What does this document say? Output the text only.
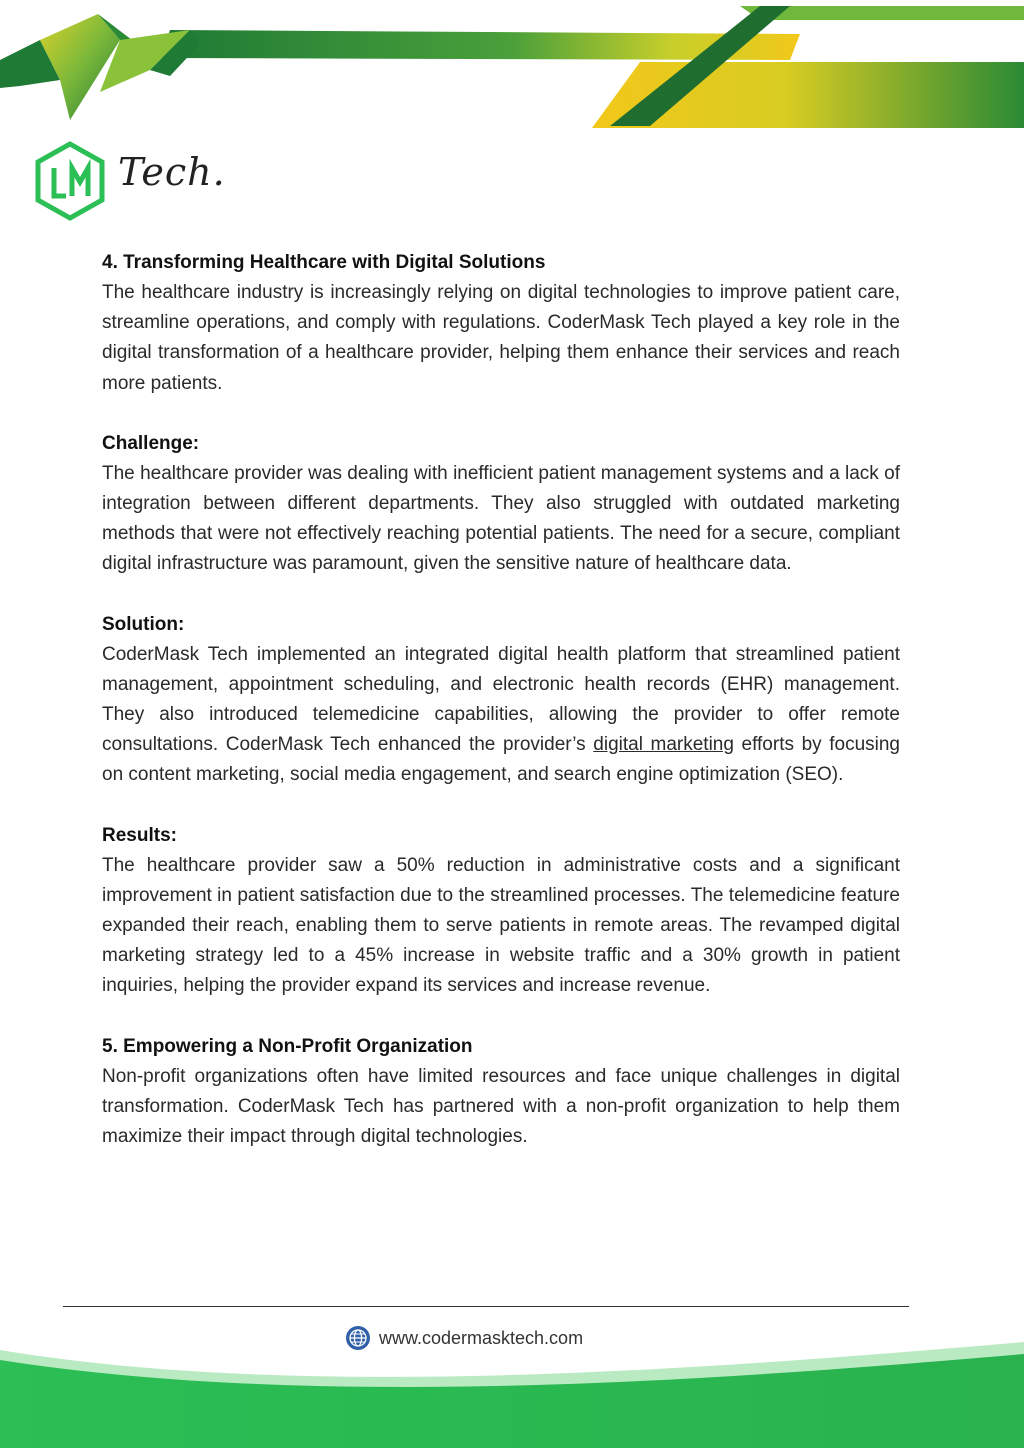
Tech.

4. Transforming Healthcare with Digital Solutions

The healthcare industry is increasingly relying on digital technologies to improve patient care, streamline operations, and comply with regulations. CoderMask Tech played a key role in the digital transformation of a healthcare provider, helping them enhance their services and reach more patients.

Challenge:

The healthcare provider was dealing with inefficient patient management systems and a lack of integration between different departments. They also struggled with outdated marketing methods that were not effectively reaching potential patients. The need for a secure, compliant digital infrastructure was paramount, given the sensitive nature of healthcare data.

Solution:

CoderMask Tech implemented an integrated digital health platform that streamlined patient management, appointment scheduling, and electronic health records (EHR) management. They also introduced telemedicine capabilities, allowing the provider to offer remote consultations. CoderMask Tech enhanced the provider’s digital marketing efforts by focusing on content marketing, social media engagement, and search engine optimization (SEO).

Results:

The healthcare provider saw a 50% reduction in administrative costs and a significant improvement in patient satisfaction due to the streamlined processes. The telemedicine feature expanded their reach, enabling them to serve patients in remote areas. The revamped digital marketing strategy led to a 45% increase in website traffic and a 30% growth in patient inquiries, helping the provider expand its services and increase revenue.

5. Empowering a Non-Profit Organization

Non-profit organizations often have limited resources and face unique challenges in digital transformation. CoderMask Tech has partnered with a non-profit organization to help them maximize their impact through digital technologies.

www.codermasktech.com
